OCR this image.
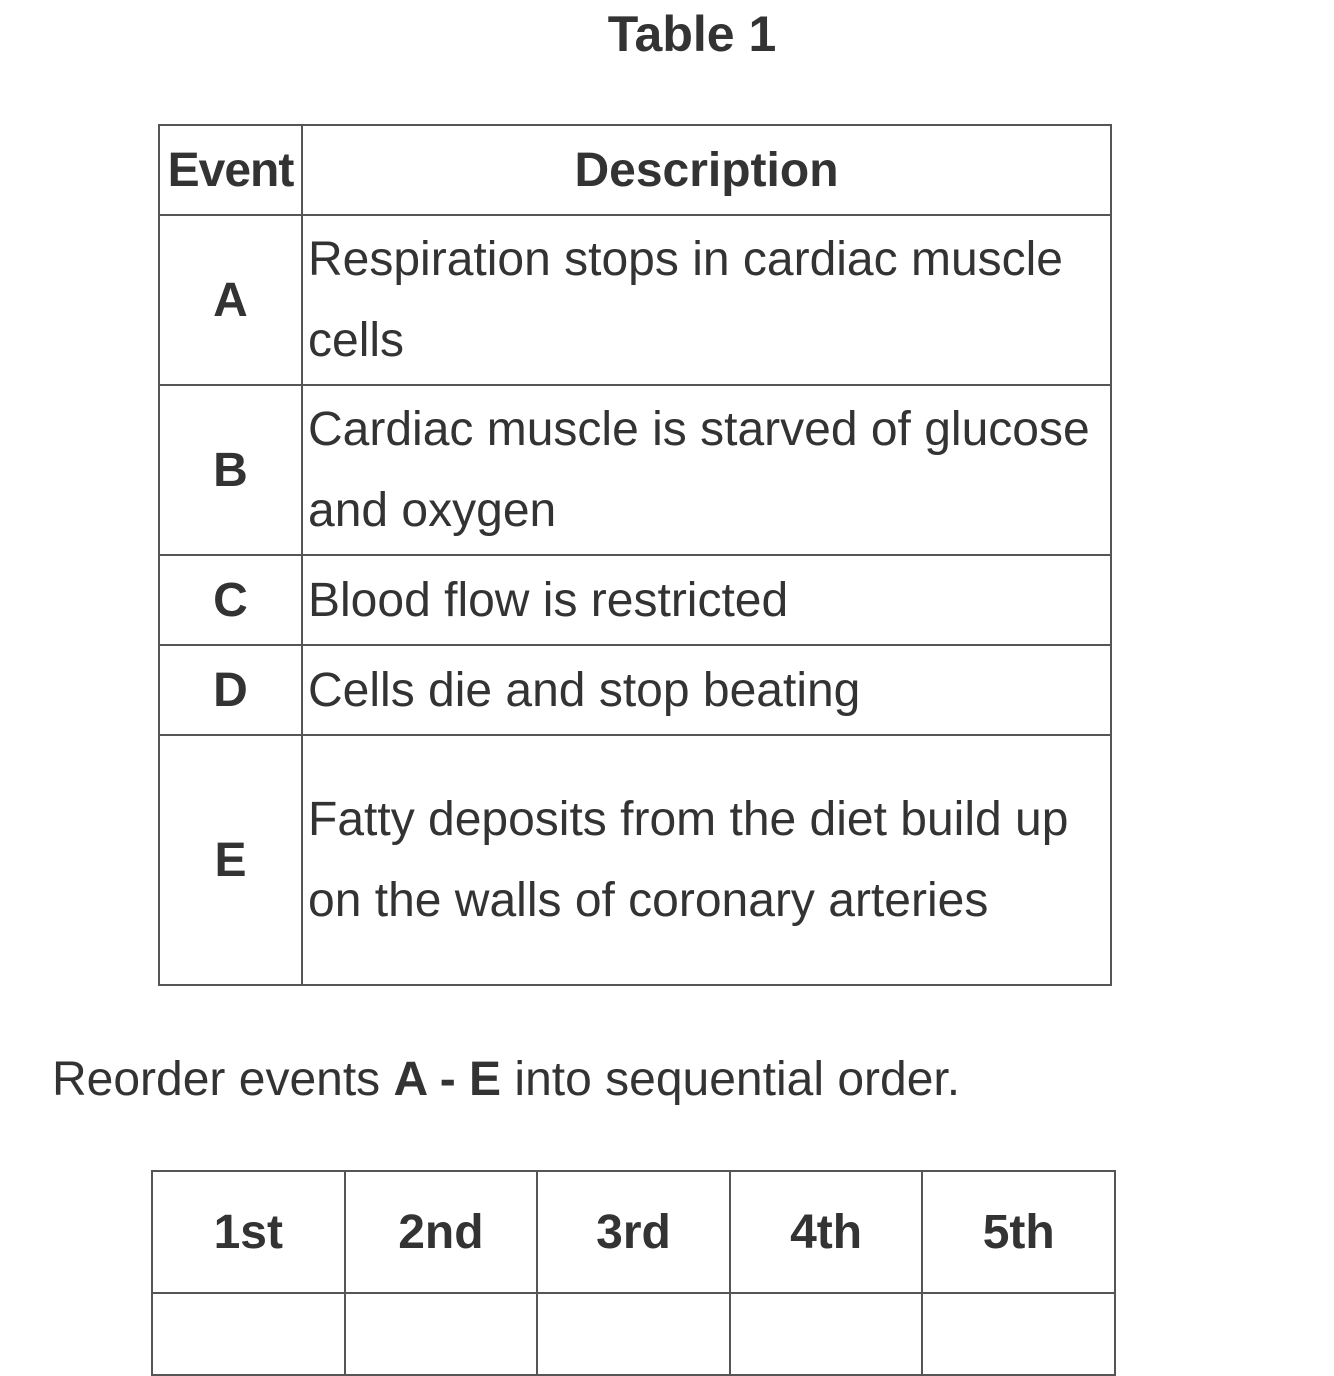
Table 1
Event	Description
A	Respiration stops in cardiac muscle cells
B	Cardiac muscle is starved of glucose and oxygen
C	Blood flow is restricted
D	Cells die and stop beating
E	Fatty deposits from the diet build up on the walls of coronary arteries
Reorder events A - E into sequential order.
1st	2nd	3rd	4th	5th
